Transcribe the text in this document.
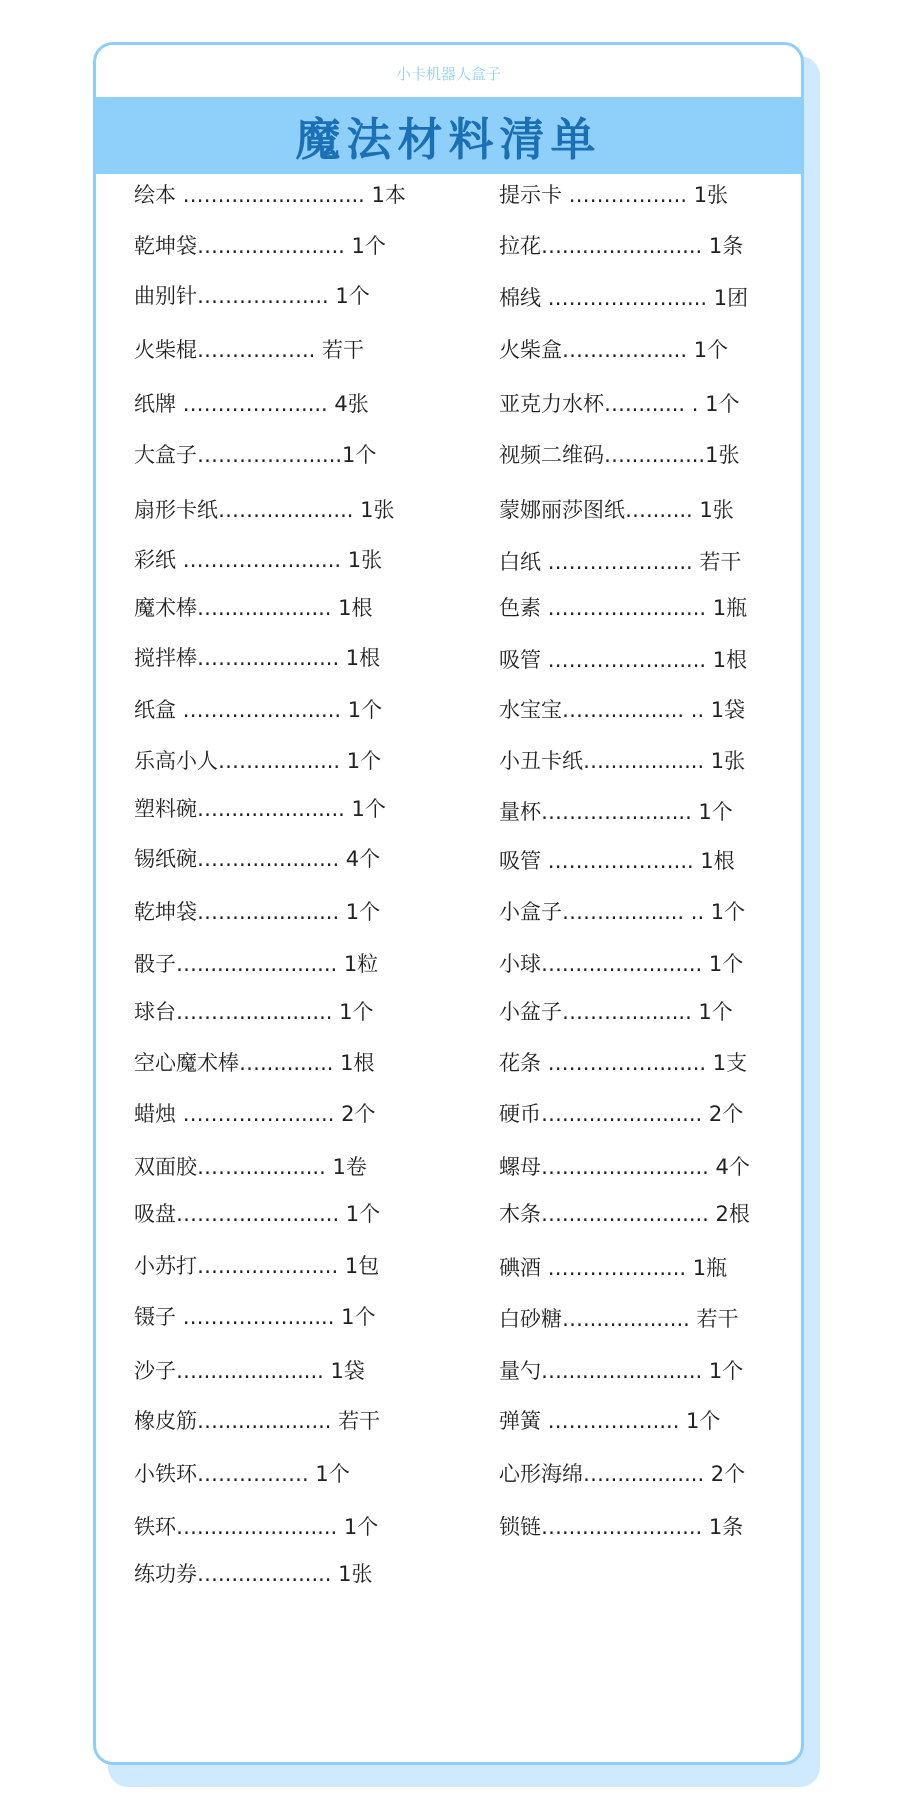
小卡机器人盒子
魔法材料清单
绘本 ……..................... 1本
乾坤袋…................... 1个
曲别针…………….... 1个
火柴棍…………….. 若干
纸牌 ……………...... 4张
大盒子……………......1个
扇形卡纸…….............. 1张
彩纸 ……………........ 1张
魔术棒…................. 1根
搅拌棒……............... 1根
纸盒 ……………........ 1个
乐高小人……............ 1个
塑料碗…................... 1个
锡纸碗……............... 4个
乾坤袋……............... 1个
骰子…..................... 1粒
球台……….............. 1个
空心魔术棒…........... 1根
蜡烛 ……………....... 2个
双面胶……............. 1卷
吸盘………............... 1个
小苏打….................. 1包
镊子 ……………....... 1个
沙子…................... 1袋
橡皮筋…................. 若干
小铁环……………. 1个
铁环…..................... 1个
练功券…................. 1张
提示卡 …………….. 1张
拉花…..................... 1条
棉线 ………………..... 1团
火柴盒……………... 1个
亚克力水杯…......... . 1个
视频二维码…............1张
蒙娜丽莎图纸…....... 1张
白纸 ……………...... 若干
色素 ……………........ 1瓶
吸管 ……………........ 1根
水宝宝……............ .. 1袋
小丑卡纸…............... 1张
量杯………….......... 1个
吸管 ………………... 1根
小盒子……............ .. 1个
小球…..................... 1个
小盆子……….......... 1个
花条 ……………........ 1支
硬币…..................... 2个
螺母…...................... 4个
木条…...................... 2根
碘酒 ……………..... 1瓶
白砂糖…................ 若干
量勺…..................... 1个
弹簧 …………….... 1个
心形海绵…............... 2个
锁链…..................... 1条
